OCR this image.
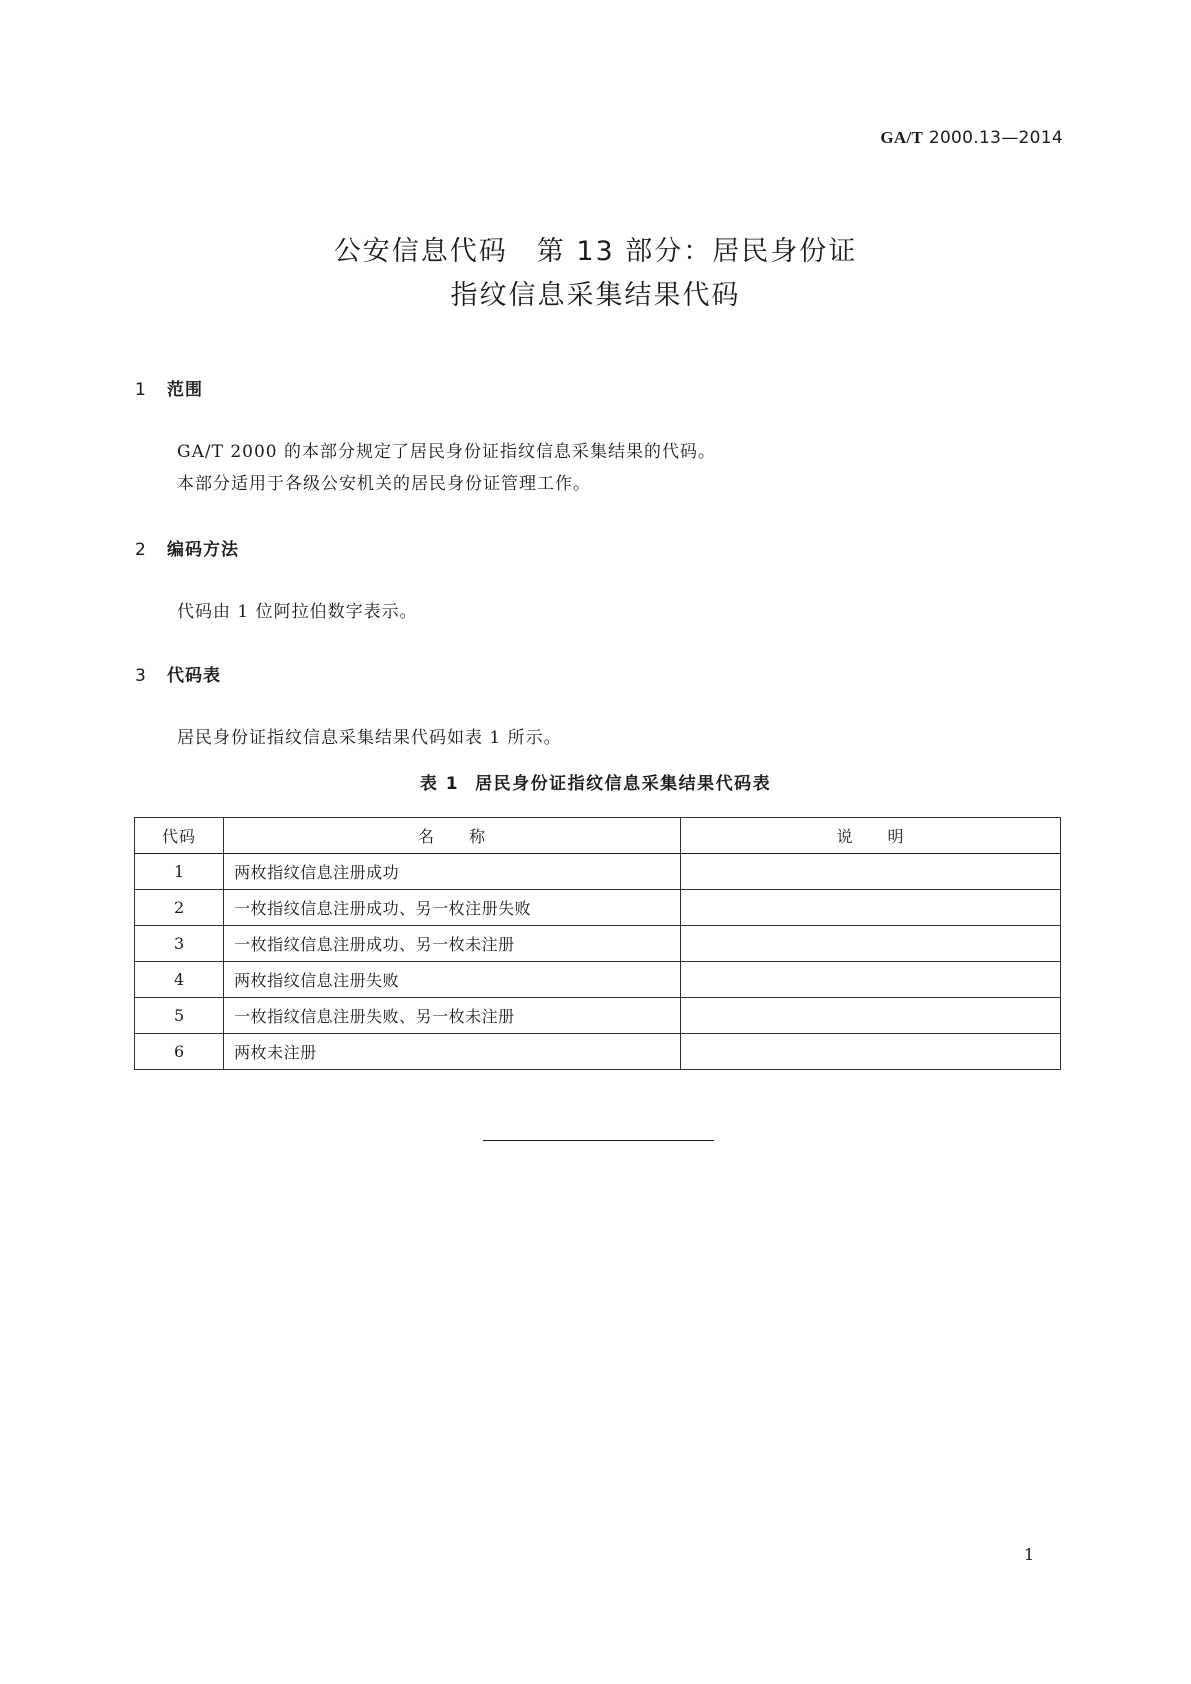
GA/T 2000.13—2014
公安信息代码　第 13 部分：居民身份证
指纹信息采集结果代码
1 范围
GA/T 2000 的本部分规定了居民身份证指纹信息采集结果的代码。
本部分适用于各级公安机关的居民身份证管理工作。
2 编码方法
代码由 1 位阿拉伯数字表示。
3 代码表
居民身份证指纹信息采集结果代码如表 1 所示。
表 1 居民身份证指纹信息采集结果代码表
代码	名　　称	说　　明
1	两枚指纹信息注册成功	
2	一枚指纹信息注册成功、另一枚注册失败	
3	一枚指纹信息注册成功、另一枚未注册	
4	两枚指纹信息注册失败	
5	一枚指纹信息注册失败、另一枚未注册	
6	两枚未注册	
1
